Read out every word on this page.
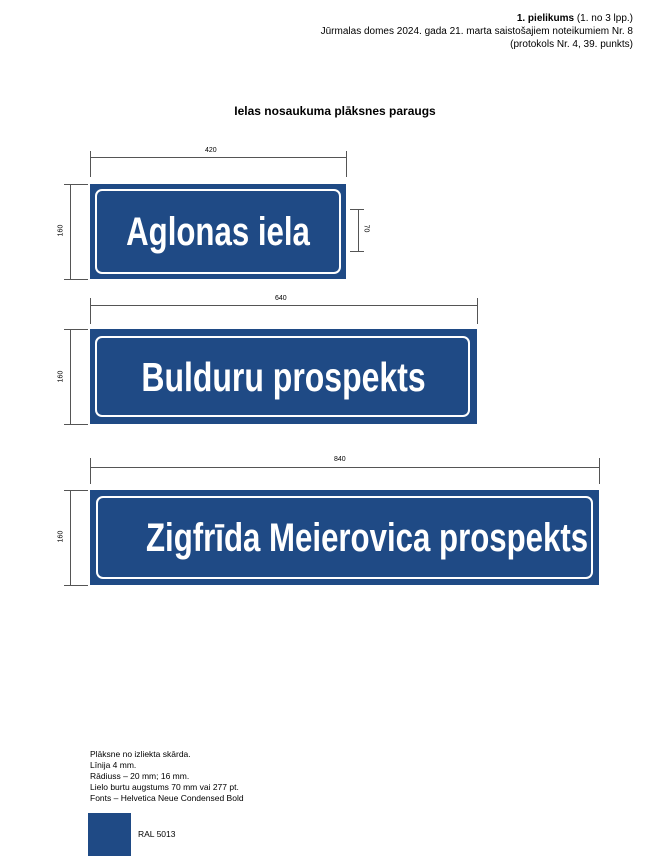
1. pielikums (1. no 3 lpp.)
Jūrmalas domes 2024. gada 21. marta saistošajiem noteikumiem Nr. 8
(protokols Nr. 4, 39. punkts)
Ielas nosaukuma plāksnes paraugs
420
160 Aglonas iela	70
640
160 Bulduru prospekts
840
160 Zigfrīda Meierovica prospekts
Plāksne no izliekta skārda.
Līnija 4 mm.
Rādiuss – 20 mm; 16 mm.
Lielo burtu augstums 70 mm vai 277 pt.
Fonts – Helvetica Neue Condensed Bold
RAL 5013
